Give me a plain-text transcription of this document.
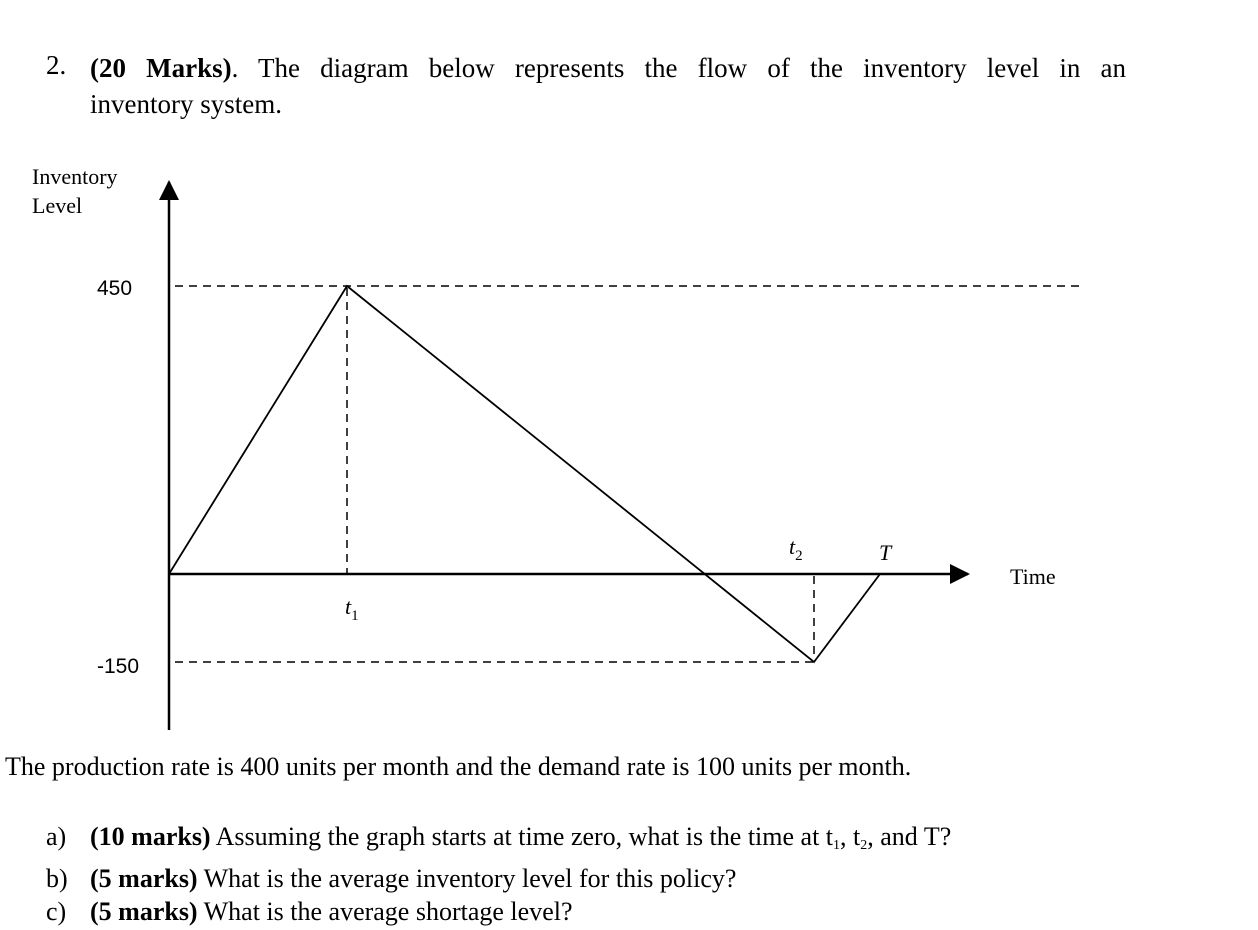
2. (20 Marks). The diagram below represents the flow of the inventory level in an
inventory system.
Inventory
Level
450
-150
Time
$t_1$
$t_2$	T
The production rate is 400 units per month and the demand rate is 100 units per month.
a) (10 marks) Assuming the graph starts at time zero, what is the time at $t_1$, $t_2$, and T?
b) (5 marks) What is the average inventory level for this policy?
c) (5 marks) What is the average shortage level?
